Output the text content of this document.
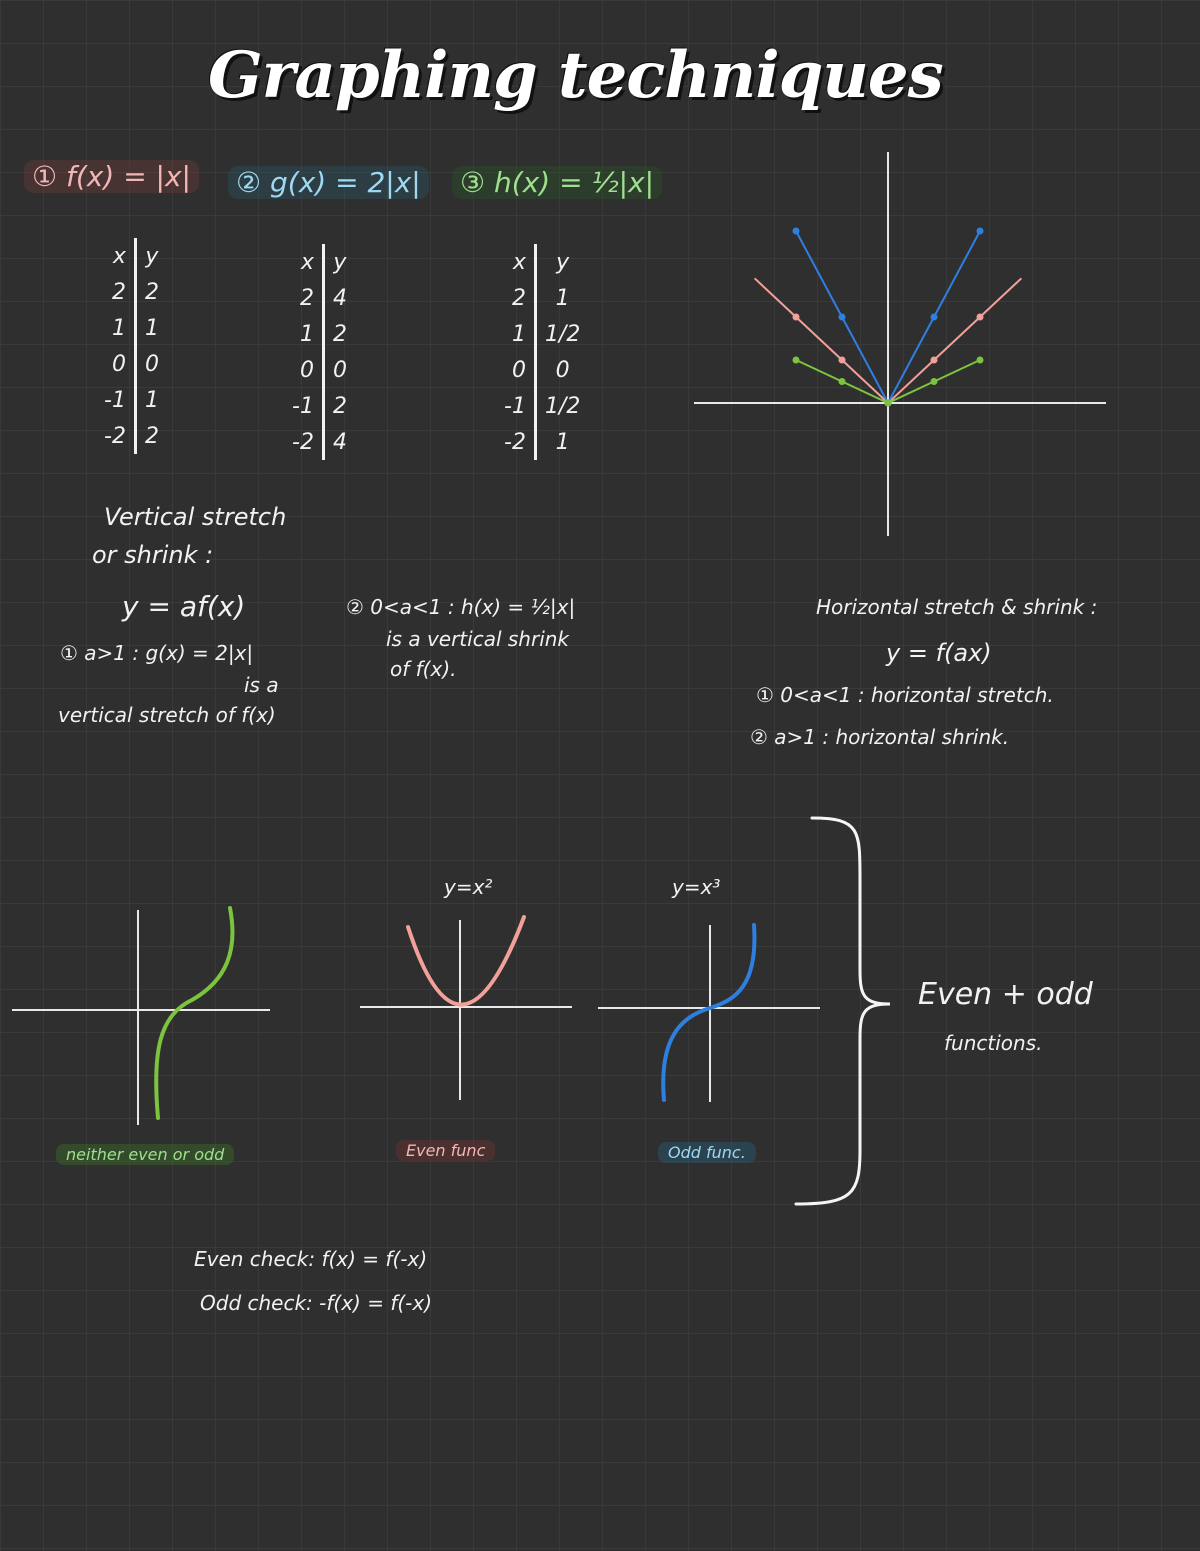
Graphing techniques
① f(x) = |x| ② g(x) = 2|x| ③ h(x) = ½|x|
x	y
2	2
1	1
0	0
-1	1
-2	2
x	y
2	4
1	2
0	0
-1	2
-2	4
x	y
2	1
1	1/2
0	0
-1	1/2
-2	1
Vertical stretch
or shrink :
y = af(x)
① a>1 : g(x) = 2|x|
is a
vertical stretch of f(x)
② 0<a<1 : h(x) = ½|x|
is a vertical shrink
of f(x).
Horizontal stretch & shrink :
y = f(ax)
① 0<a<1 : horizontal stretch.
② a>1 : horizontal shrink.
y=x²	y=x³
neither even or odd	Even func	Odd func.
Even + odd
functions.
Even check: f(x) = f(-x)
Odd check: -f(x) = f(-x)
